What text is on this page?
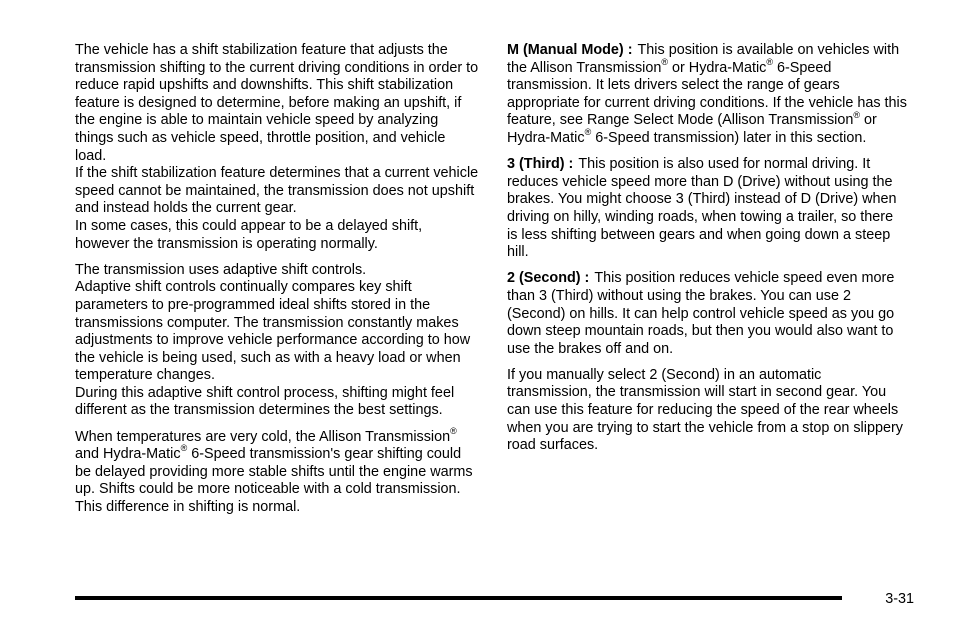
The vehicle has a shift stabilization feature that adjusts the transmission shifting to the current driving conditions in order to reduce rapid upshifts and downshifts. This shift stabilization feature is designed to determine, before making an upshift, if the engine is able to maintain vehicle speed by analyzing things such as vehicle speed, throttle position, and vehicle load.
If the shift stabilization feature determines that a current vehicle speed cannot be maintained, the transmission does not upshift and instead holds the current gear.
In some cases, this could appear to be a delayed shift, however the transmission is operating normally.

The transmission uses adaptive shift controls.
Adaptive shift controls continually compares key shift parameters to pre-programmed ideal shifts stored in the transmissions computer. The transmission constantly makes adjustments to improve vehicle performance according to how the vehicle is being used, such as with a heavy load or when temperature changes.
During this adaptive shift control process, shifting might feel different as the transmission determines the best settings.

When temperatures are very cold, the Allison Transmission® and Hydra-Matic® 6-Speed transmission's gear shifting could be delayed providing more stable shifts until the engine warms up. Shifts could be more noticeable with a cold transmission.
This difference in shifting is normal.

M (Manual Mode) : This position is available on vehicles with the Allison Transmission® or Hydra-Matic® 6-Speed transmission. It lets drivers select the range of gears appropriate for current driving conditions. If the vehicle has this feature, see Range Select Mode (Allison Transmission® or Hydra-Matic® 6-Speed transmission) later in this section.

3 (Third) : This position is also used for normal driving. It reduces vehicle speed more than D (Drive) without using the brakes. You might choose 3 (Third) instead of D (Drive) when driving on hilly, winding roads, when towing a trailer, so there is less shifting between gears and when going down a steep hill.

2 (Second) : This position reduces vehicle speed even more than 3 (Third) without using the brakes. You can use 2 (Second) on hills. It can help control vehicle speed as you go down steep mountain roads, but then you would also want to use the brakes off and on.

If you manually select 2 (Second) in an automatic transmission, the transmission will start in second gear. You can use this feature for reducing the speed of the rear wheels when you are trying to start the vehicle from a stop on slippery road surfaces.

3-31
